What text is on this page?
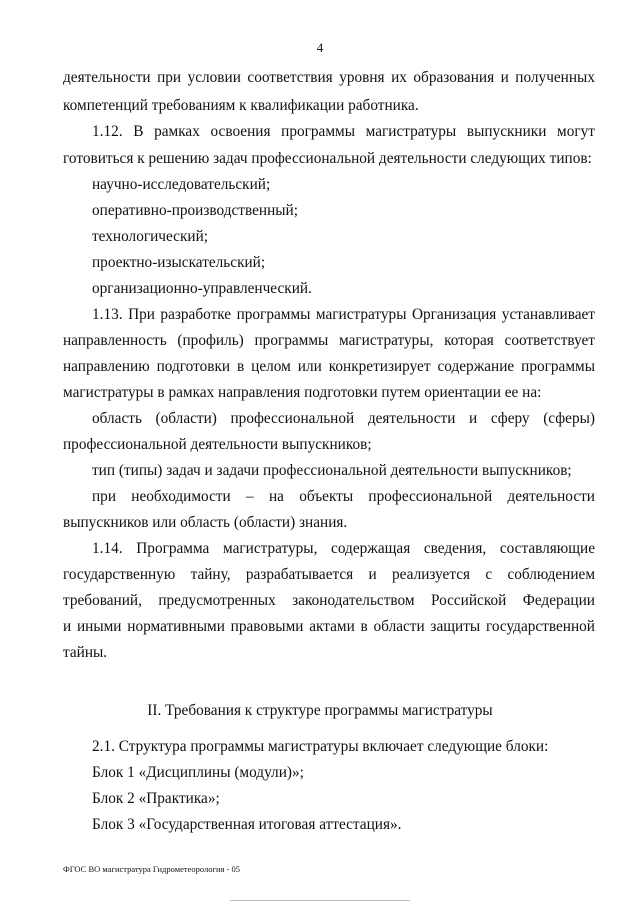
4
деятельности при условии соответствия уровня их образования и полученных
компетенций требованиям к квалификации работника.
1.12. В рамках освоения программы магистратуры выпускники могут
готовиться к решению задач профессиональной деятельности следующих типов:
научно-исследовательский;
оперативно-производственный;
технологический;
проектно-изыскательский;
организационно-управленческий.
1.13. При разработке программы магистратуры Организация устанавливает
направленность (профиль) программы магистратуры, которая соответствует
направлению подготовки в целом или конкретизирует содержание программы
магистратуры в рамках направления подготовки путем ориентации ее на:
область (области) профессиональной деятельности и сферу (сферы)
профессиональной деятельности выпускников;
тип (типы) задач и задачи профессиональной деятельности выпускников;
при необходимости – на объекты профессиональной деятельности
выпускников или область (области) знания.
1.14. Программа магистратуры, содержащая сведения, составляющие
государственную тайну, разрабатывается и реализуется с соблюдением
требований, предусмотренных законодательством Российской Федерации
и иными нормативными правовыми актами в области защиты государственной
тайны.
II. Требования к структуре программы магистратуры
2.1. Структура программы магистратуры включает следующие блоки:
Блок 1 «Дисциплины (модули)»;
Блок 2 «Практика»;
Блок 3 «Государственная итоговая аттестация».
ФГОС ВО магистратура Гидрометеорология - 05
